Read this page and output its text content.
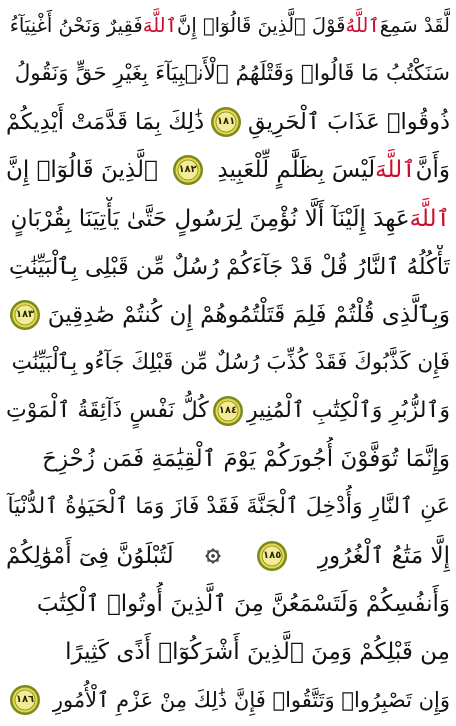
لَّقَدْ سَمِعَ
ٱللَّهُ
قَوْلَ ٱلَّذِينَ قَالُوٓا۟ إِنَّ
ٱللَّهَ
فَقِيرٌ وَنَحْنُ أَغْنِيَآءُ
سَنَكْتُبُ مَا قَالُوا۟ وَقَتْلَهُمُ ٱلْأَنۢبِيَآءَ بِغَيْرِ حَقٍّ وَنَقُولُ
ذُوقُوا۟ عَذَابَ ٱلْحَرِيقِ
١٨١
ذَٰلِكَ بِمَا قَدَّمَتْ أَيْدِيكُمْ
وَأَنَّ
ٱللَّهَ
لَيْسَ بِظَلَّٰمٍ لِّلْعَبِيدِ
١٨٢
ٱلَّذِينَ قَالُوٓا۟ إِنَّ
ٱللَّهَ
عَهِدَ إِلَيْنَآ أَلَّا نُؤْمِنَ لِرَسُولٍ حَتَّىٰ يَأْتِيَنَا بِقُرْبَانٍ
تَأْكُلُهُ ٱلنَّارُ قُلْ قَدْ جَآءَكُمْ رُسُلٌ مِّن قَبْلِى بِٱلْبَيِّنَٰتِ
وَبِٱلَّذِى قُلْتُمْ فَلِمَ قَتَلْتُمُوهُمْ إِن كُنتُمْ صَٰدِقِينَ
١٨٣
فَإِن كَذَّبُوكَ فَقَدْ كُذِّبَ رُسُلٌ مِّن قَبْلِكَ جَآءُو بِٱلْبَيِّنَٰتِ
وَٱلزُّبُرِ وَٱلْكِتَٰبِ ٱلْمُنِيرِ
١٨٤
كُلُّ نَفْسٍ ذَآئِقَةُ ٱلْمَوْتِ
وَإِنَّمَا تُوَفَّوْنَ أُجُورَكُمْ يَوْمَ ٱلْقِيَٰمَةِ فَمَن زُحْزِحَ
عَنِ ٱلنَّارِ وَأُدْخِلَ ٱلْجَنَّةَ فَقَدْ فَازَ وَمَا ٱلْحَيَوٰةُ ٱلدُّنْيَآ
إِلَّا مَتَٰعُ ٱلْغُرُورِ
١٨٥
لَتُبْلَوُنَّ فِىٓ أَمْوَٰلِكُمْ
وَأَنفُسِكُمْ وَلَتَسْمَعُنَّ مِنَ ٱلَّذِينَ أُوتُوا۟ ٱلْكِتَٰبَ
مِن قَبْلِكُمْ وَمِنَ ٱلَّذِينَ أَشْرَكُوٓا۟ أَذًى كَثِيرًا
وَإِن تَصْبِرُوا۟ وَتَتَّقُوا۟ فَإِنَّ ذَٰلِكَ مِنْ عَزْمِ ٱلْأُمُورِ
١٨٦
